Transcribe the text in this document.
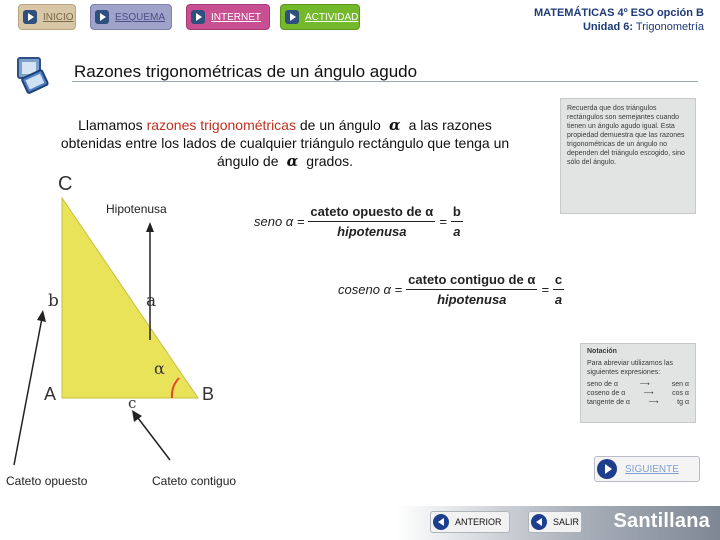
INICIO	ESQUEMA	INTERNET	ACTIVIDAD	MATEMÁTICAS 4º ESO opción B
Unidad 6: Trigonometría
Razones trigonométricas de un ángulo agudo
Llamamos razones trigonométricas de un ángulo α a las razones obtenidas entre los lados de cualquier triángulo rectángulo que tenga un ángulo de α grados.
Recuerda que dos triángulos rectángulos son semejantes cuando tienen un ángulo agudo igual. Esta propiedad demuestra que las razones trigonométricas de un ángulo no dependen del triángulo escogido, sino sólo del ángulo.
C
A	B
b	a
c
α
Hipotenusa
Cateto opuesto	Cateto contiguo
seno $\alpha = \frac{\text{cateto opuesto de α}}{\text{hipotenusa}} = \frac{b}{a}$
coseno $\alpha = \frac{\text{cateto contiguo de α}}{\text{hipotenusa}} = \frac{c}{a}$
Notación
Para abreviar utilizamos las siguientes expresiones:
seno de α	⟶	sen α
coseno de α	⟶	cos α
tangente de α	⟶	tg α
SIGUIENTE
Santillana
ANTERIOR	SALIR
